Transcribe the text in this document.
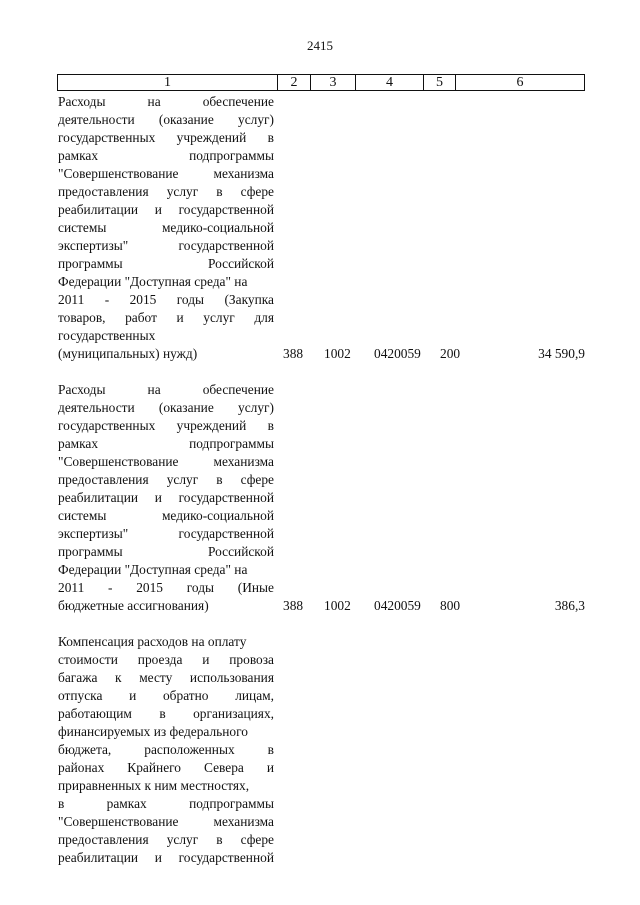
2415
1	2	3	4	5	6
Расходы на обеспечение
деятельности (оказание услуг)
государственных учреждений в
рамках подпрограммы
"Совершенствование механизма
предоставления услуг в сфере
реабилитации и государственной
системы медико-социальной
экспертизы" государственной
программы Российской
Федерации "Доступная среда" на
2011 - 2015 годы (Закупка
товаров, работ и услуг для
государственных
(муниципальных) нужд)	388 1002 0420059 200	34 590,9
Расходы на обеспечение
деятельности (оказание услуг)
государственных учреждений в
рамках подпрограммы
"Совершенствование механизма
предоставления услуг в сфере
реабилитации и государственной
системы медико-социальной
экспертизы" государственной
программы Российской
Федерации "Доступная среда" на
2011 - 2015 годы (Иные
бюджетные ассигнования)	388 1002 0420059 800	386,3
Компенсация расходов на оплату
стоимости проезда и провоза
багажа к месту использования
отпуска и обратно лицам,
работающим в организациях,
финансируемых из федерального
бюджета, расположенных в
районах Крайнего Севера и
приравненных к ним местностях,
в рамках подпрограммы
"Совершенствование механизма
предоставления услуг в сфере
реабилитации и государственной
